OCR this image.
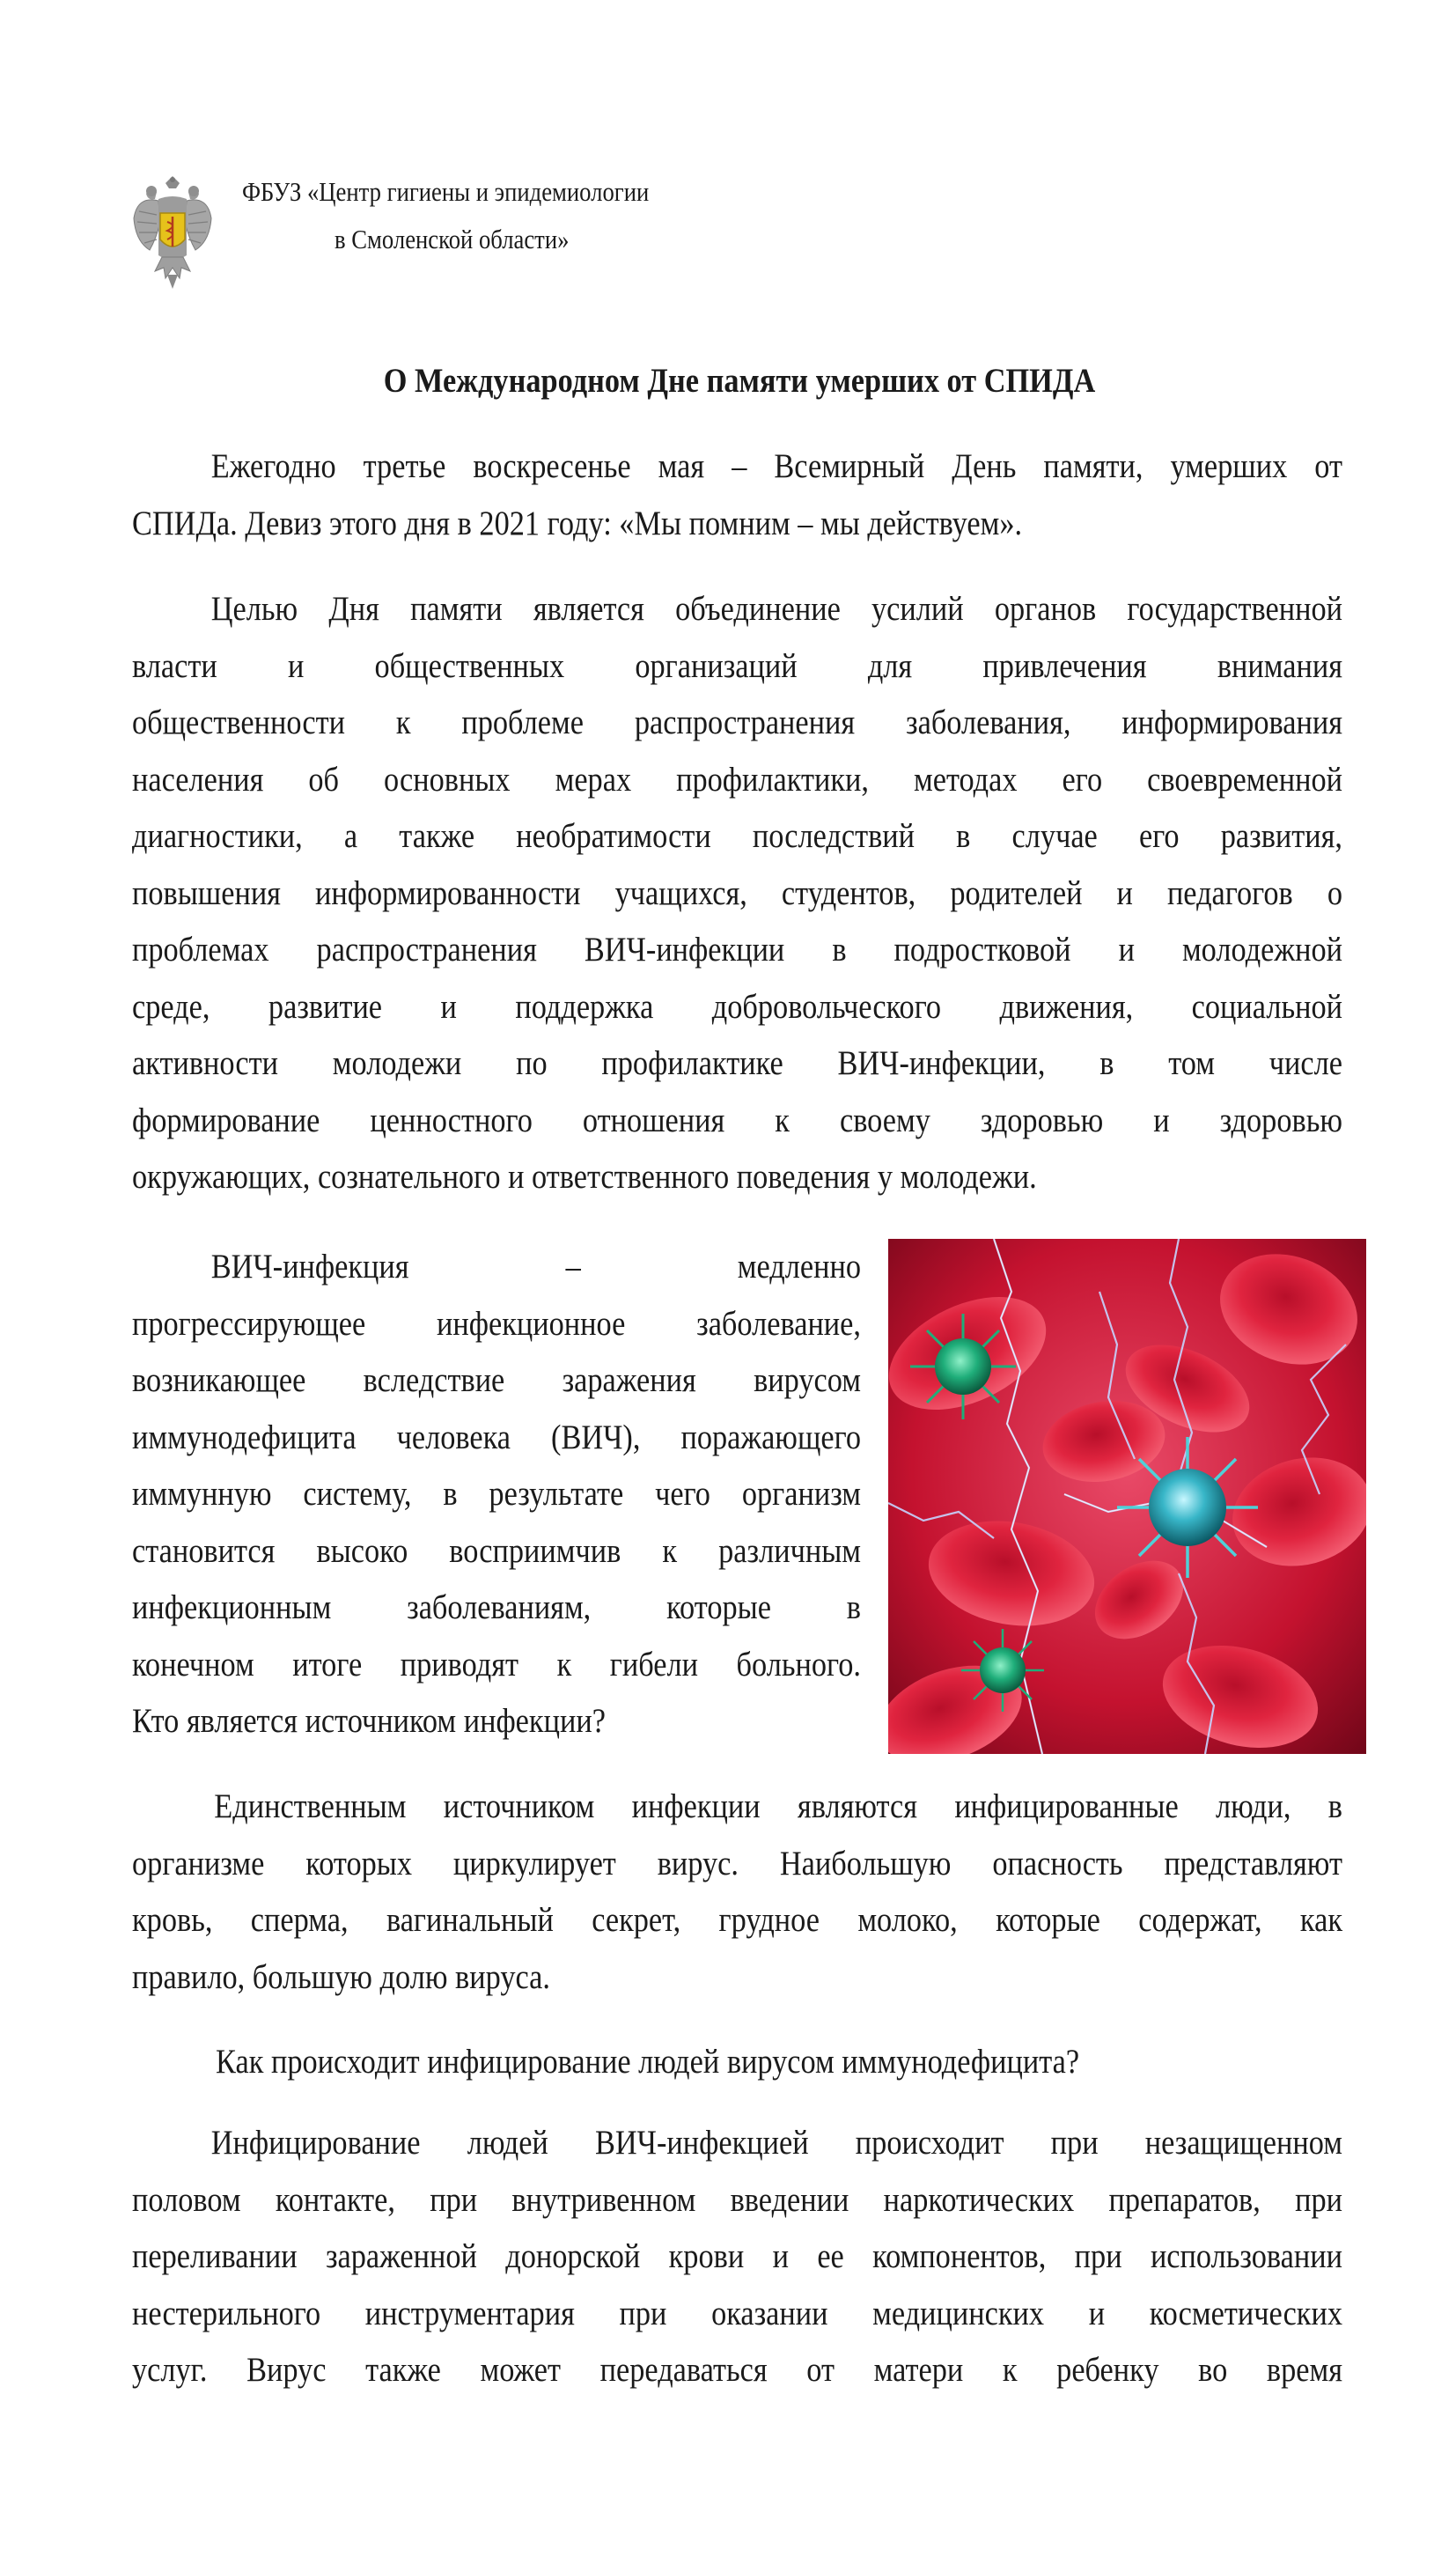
ФБУЗ «Центр гигиены и эпидемиологии
в Смоленской области»
О Международном Дне памяти умерших от СПИДА
Ежегодно третье воскресенье мая – Всемирный День памяти, умерших от
СПИДа. Девиз этого дня в 2021 году: «Мы помним – мы действуем».
Целью Дня памяти является объединение усилий органов государственной
власти и общественных организаций для привлечения внимания
общественности к проблеме распространения заболевания, информирования
населения об основных мерах профилактики, методах его своевременной
диагностики, а также необратимости последствий в случае его развития,
повышения информированности учащихся, студентов, родителей и педагогов о
проблемах распространения ВИЧ-инфекции в подростковой и молодежной
среде, развитие и поддержка добровольческого движения, социальной
активности молодежи по профилактике ВИЧ-инфекции, в том числе
формирование ценностного отношения к своему здоровью и здоровью
окружающих, сознательного и ответственного поведения у молодежи.
ВИЧ-инфекция – медленно
прогрессирующее инфекционное заболевание,
возникающее вследствие заражения вирусом
иммунодефицита человека (ВИЧ), поражающего
иммунную систему, в результате чего организм
становится высоко восприимчив к различным
инфекционным заболеваниям, которые в
конечном итоге приводят к гибели больного.
Кто является источником инфекции?
Единственным источником инфекции являются инфицированные люди, в
организме которых циркулирует вирус. Наибольшую опасность представляют
кровь, сперма, вагинальный секрет, грудное молоко, которые содержат, как
правило, большую долю вируса.
Как происходит инфицирование людей вирусом иммунодефицита?
Инфицирование людей ВИЧ-инфекцией происходит при незащищенном
половом контакте, при внутривенном введении наркотических препаратов, при
переливании зараженной донорской крови и ее компонентов, при использовании
нестерильного инструментария при оказании медицинских и косметических
услуг. Вирус также может передаваться от матери к ребенку во время
